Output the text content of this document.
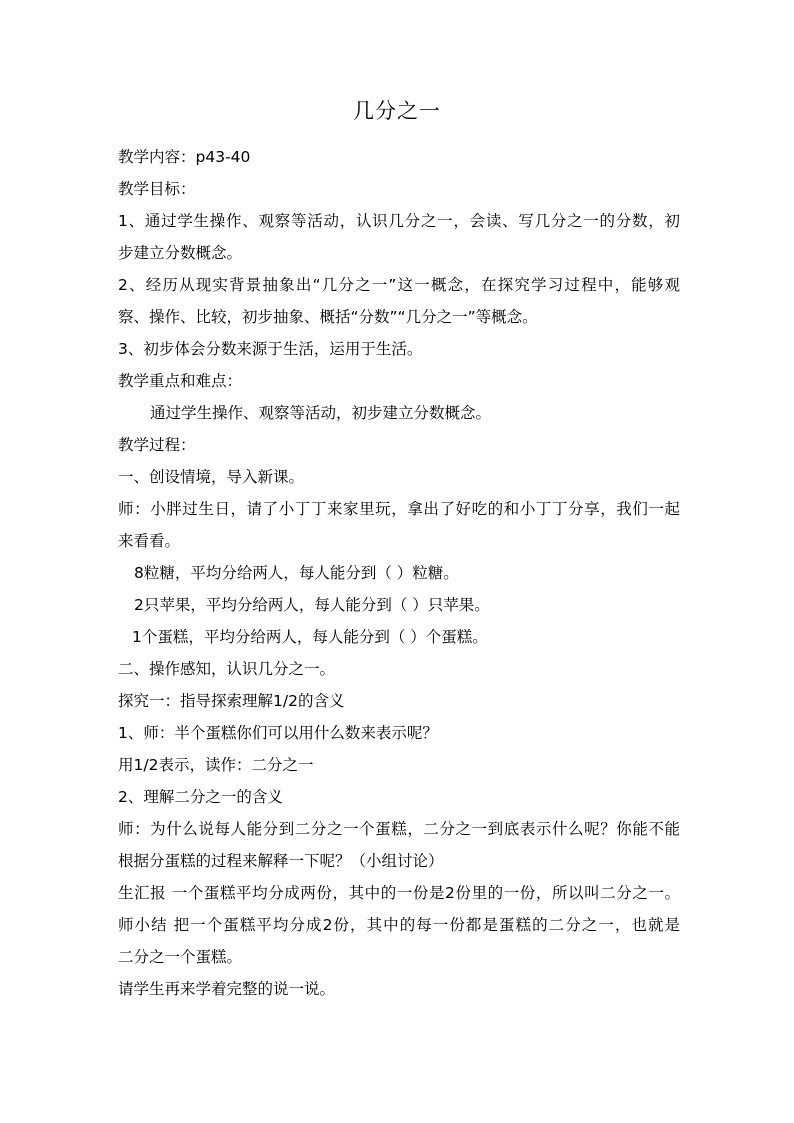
几分之一
教学内容：p43-40
教学目标：
1、通过学生操作、观察等活动，认识几分之一，会读、写几分之一的分数，初
步建立分数概念。
2、经历从现实背景抽象出“几分之一”这一概念，在探究学习过程中，能够观
察、操作、比较，初步抽象、概括“分数”“几分之一”等概念。
3、初步体会分数来源于生活，运用于生活。
教学重点和难点：
通过学生操作、观察等活动，初步建立分数概念。
教学过程：
一、创设情境，导入新课。
师：小胖过生日，请了小丁丁来家里玩，拿出了好吃的和小丁丁分享，我们一起
来看看。
8粒糖，平均分给两人，每人能分到（ ）粒糖。
2只苹果，平均分给两人，每人能分到（ ）只苹果。
1个蛋糕，平均分给两人，每人能分到（ ）个蛋糕。
二、操作感知，认识几分之一。
探究一：指导探索理解1/2的含义
1、师：半个蛋糕你们可以用什么数来表示呢？
用1/2表示，读作：二分之一
2、理解二分之一的含义
师：为什么说每人能分到二分之一个蛋糕，二分之一到底表示什么呢？你能不能
根据分蛋糕的过程来解释一下呢？（小组讨论）
生汇报 一个蛋糕平均分成两份，其中的一份是2份里的一份，所以叫二分之一。
师小结 把一个蛋糕平均分成2份，其中的每一份都是蛋糕的二分之一，也就是
二分之一个蛋糕。
请学生再来学着完整的说一说。
